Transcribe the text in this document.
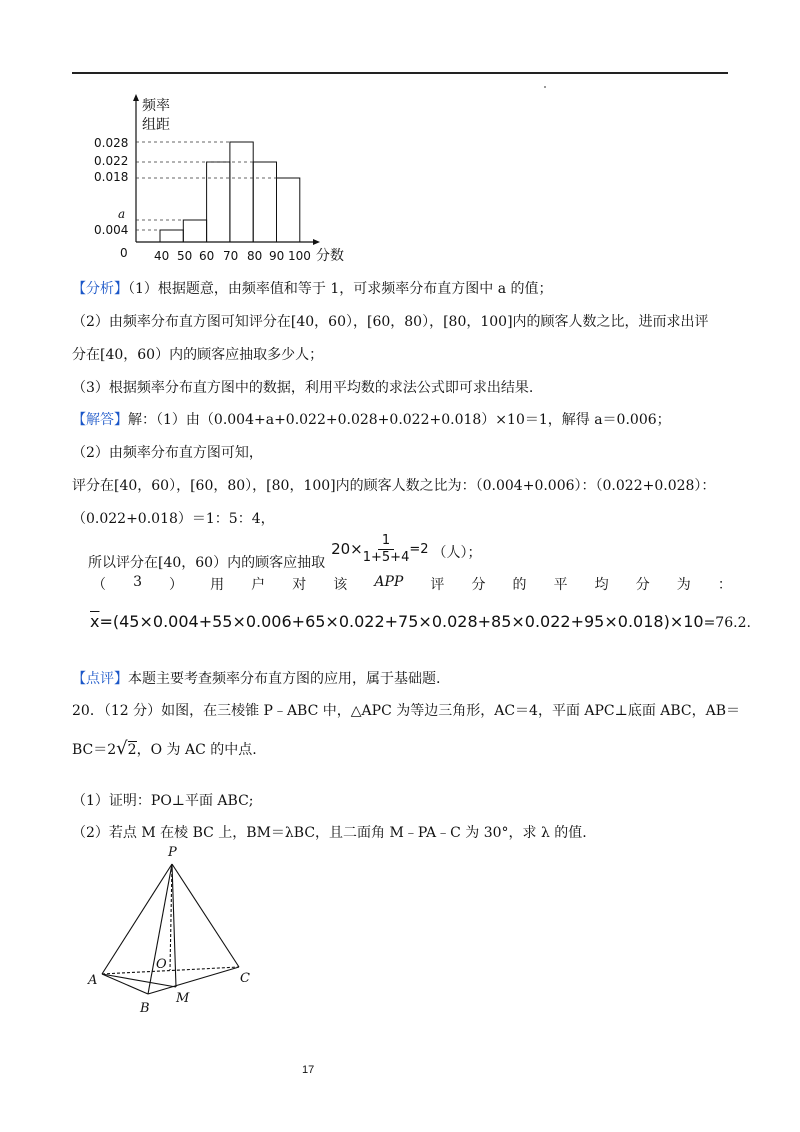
频率
组距
0.028
0.022
0.018
a
0.004
0 40 50 60 70 80 90 100 分数
【分析】（1）根据题意，由频率值和等于 1，可求频率分布直方图中 a 的值；
（2）由频率分布直方图可知评分在[40，60），[60，80），[80，100]内的顾客人数之比，进而求出评
分在[40，60）内的顾客应抽取多少人；
（3）根据频率分布直方图中的数据，利用平均数的求法公式即可求出结果.
【解答】解：（1）由（0.004+a+0.022+0.028+0.022+0.018）×10＝1，解得 a＝0.006；
（2）由频率分布直方图可知，
评分在[40，60），[60，80），[80，100]内的顾客人数之比为：（0.004+0.006）：（0.022+0.028）：
（0.022+0.018）＝1：5：4，
所以评分在[40，60）内的顾客应抽取
$20\times \frac{1}{1+5+4} =2$ （人）；
（ 3 ） 用 户 对 该 APP 评 分 的 平 均 分 为 ：
$\overline{x}=(45\times 0.004+55\times 0.006+65\times 0.022+75\times 0.028+85\times 0.022+95\times 0.018)\times 10=76.2$.
【点评】本题主要考查频率分布直方图的应用，属于基础题.
20．（12 分）如图，在三棱锥 P﹣ABC 中，△APC 为等边三角形，AC＝4，平面 APC⊥底面 ABC，AB＝
BC＝2√2，O 为 AC 的中点.
（1）证明：PO⊥平面 ABC;
（2）若点 M 在棱 BC 上，BM＝λBC，且二面角 M﹣PA﹣C 为 30°，求 λ 的值.
P
A
O
C
B
M
17
